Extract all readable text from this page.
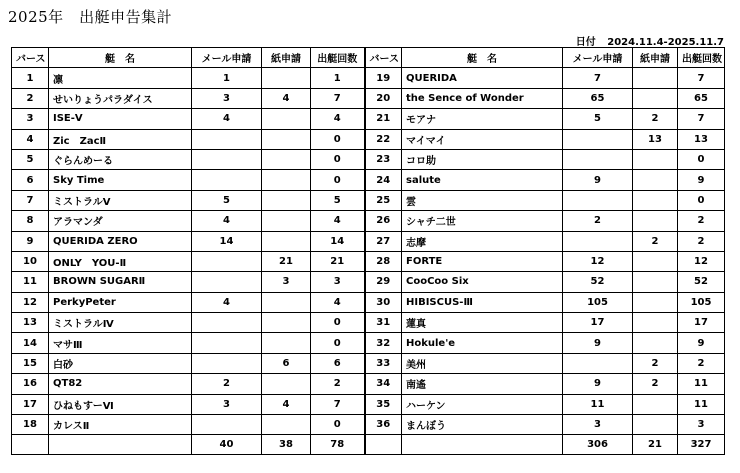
2025年　出艇申告集計
日付 2024.11.4-2025.11.7
バース	艇　名	メール申請	紙申請	出艇回数	バース	艇　名	メール申請	紙申請	出艇回数
1	凛	1		1	19	QUERIDA	7		7
2	せいりょうパラダイス	3	4	7	20	the Sence of Wonder	65		65
3	ISE-Ⅴ	4		4	21	モアナ	5	2	7
4	Zic　ZacⅡ			0	22	マイマイ		13	13
5	ぐらんめーる			0	23	コロ助			0
6	Sky Time			0	24	salute	9		9
7	ミストラルⅤ	5		5	25	雲			0
8	アラマンダ	4		4	26	シャチ二世	2		2
9	QUERIDA ZERO	14		14	27	志摩		2	2
10	ONLY　YOU-Ⅱ		21	21	28	FORTE	12		12
11	BROWN SUGARⅡ		3	3	29	CooCoo Six	52		52
12	PerkyPeter	4		4	30	HIBISCUS-Ⅲ	105		105
13	ミストラルⅣ			0	31	蓮真	17		17
14	マサⅢ			0	32	Hokule'e	9		9
15	白砂		6	6	33	美州		2	2
16	QT82	2		2	34	南遙	9	2	11
17	ひねもすーⅥ	3	4	7	35	ハーケン	11		11
18	カレスⅡ			0	36	まんぼう	3		3
		40	38	78			306	21	327
